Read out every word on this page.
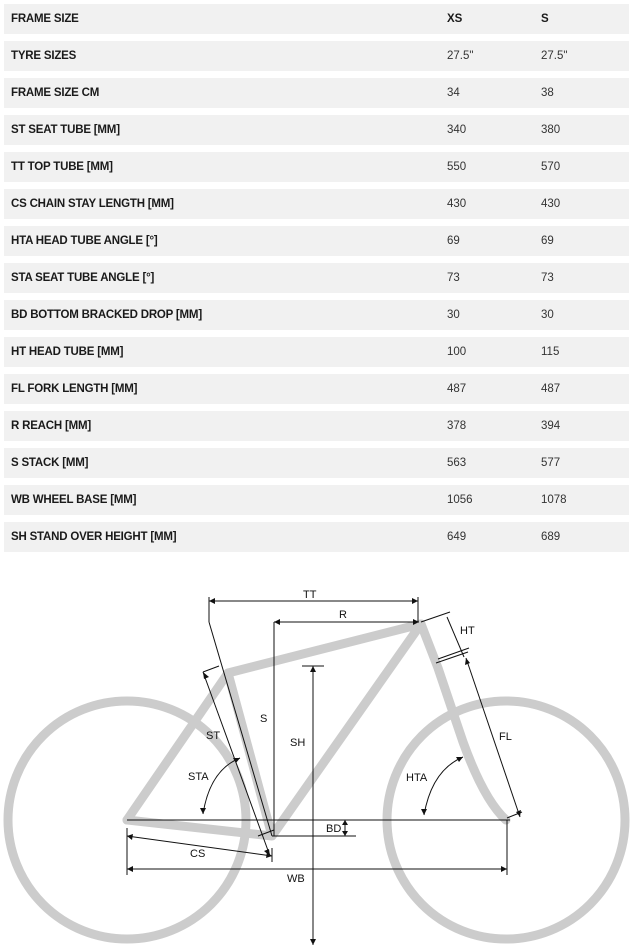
FRAME SIZE	XS	S
TYRE SIZES	27.5"	27.5"
FRAME SIZE CM	34	38
ST SEAT TUBE [MM]	340	380
TT TOP TUBE [MM]	550	570
CS CHAIN STAY LENGTH [MM]	430	430
HTA HEAD TUBE ANGLE [°]	69	69
STA SEAT TUBE ANGLE [°]	73	73
BD BOTTOM BRACKED DROP [MM]	30	30
HT HEAD TUBE [MM]	100	115
FL FORK LENGTH [MM]	487	487
R REACH [MM]	378	394
S STACK [MM]	563	577
WB WHEEL BASE [MM]	1056	1078
SH STAND OVER HEIGHT [MM]	649	689
TT
R
HT
S
SH
ST
STA	HTA
FL
BD
CS
WB
